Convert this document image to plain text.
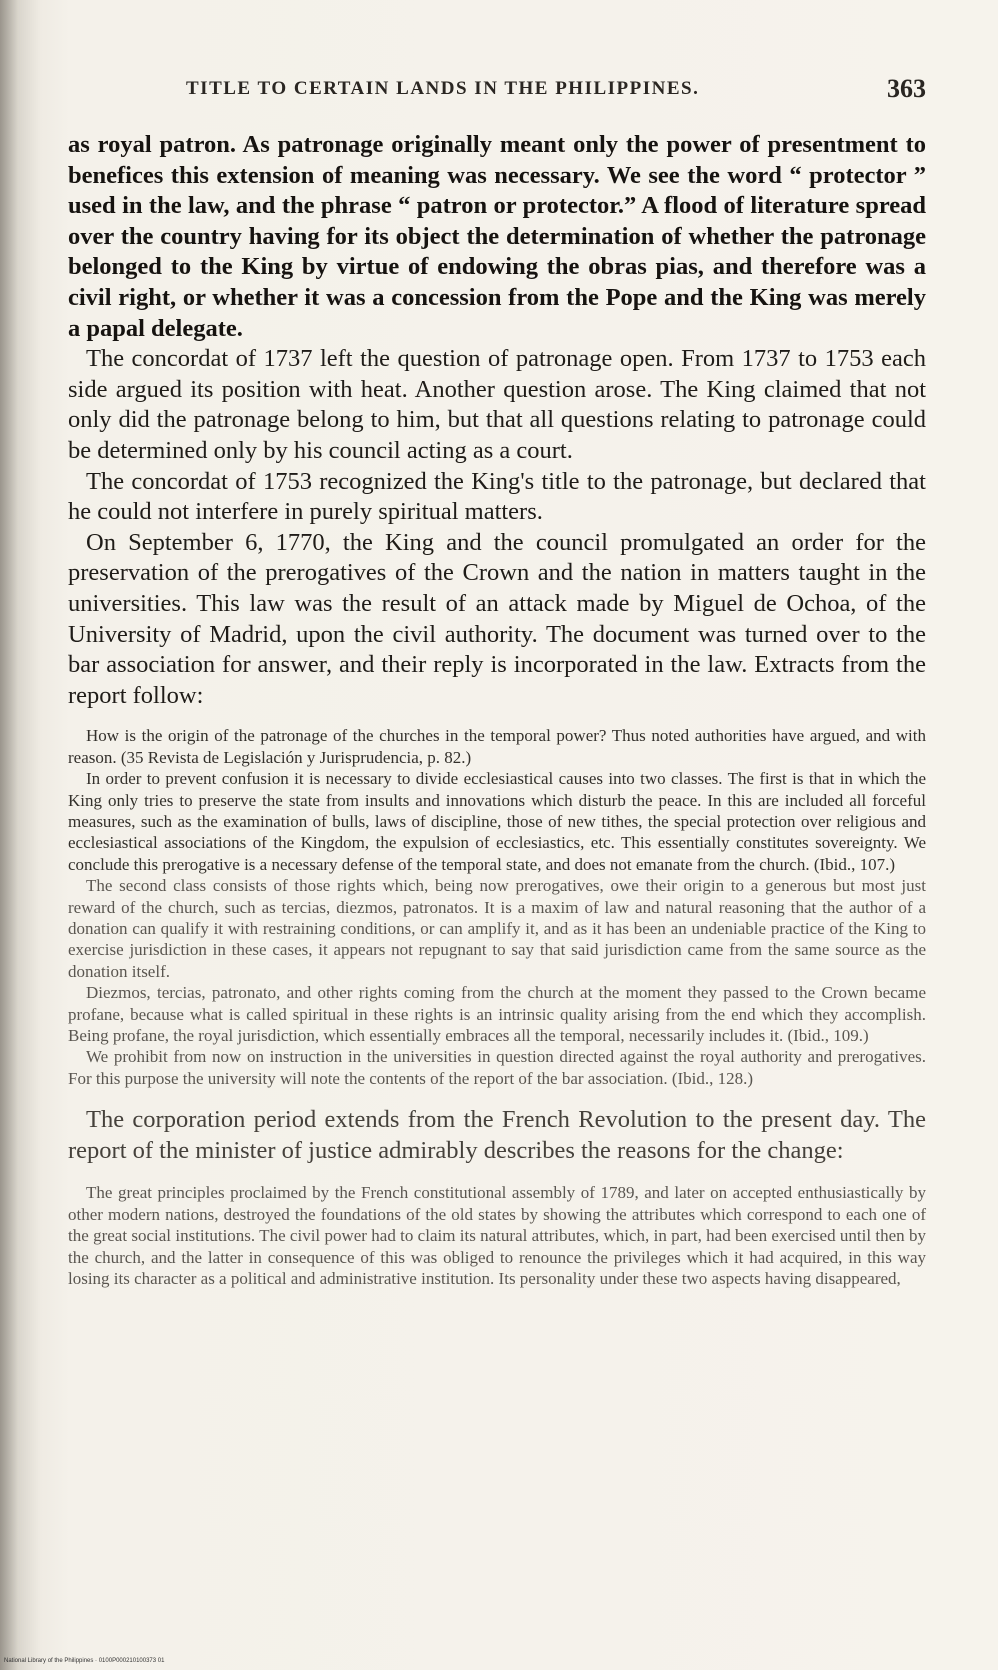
TITLE TO CERTAIN LANDS IN THE PHILIPPINES.	363

as royal patron. As patronage originally meant only the power of presentment to benefices this extension of meaning was necessary. We see the word “ protector ” used in the law, and the phrase “ patron or protector.” A flood of literature spread over the country having for its object the determination of whether the patronage belonged to the King by virtue of endowing the obras pias, and therefore was a civil right, or whether it was a concession from the Pope and the King was merely a papal delegate.

The concordat of 1737 left the question of patronage open. From 1737 to 1753 each side argued its position with heat. Another question arose. The King claimed that not only did the patronage belong to him, but that all questions relating to patronage could be determined only by his council acting as a court.

The concordat of 1753 recognized the King's title to the patronage, but declared that he could not interfere in purely spiritual matters.

On September 6, 1770, the King and the council promulgated an order for the preservation of the prerogatives of the Crown and the nation in matters taught in the universities. This law was the result of an attack made by Miguel de Ochoa, of the University of Madrid, upon the civil authority. The document was turned over to the bar association for answer, and their reply is incorporated in the law. Extracts from the report follow:

How is the origin of the patronage of the churches in the temporal power? Thus noted authorities have argued, and with reason. (35 Revista de Legislación y Jurisprudencia, p. 82.)

In order to prevent confusion it is necessary to divide ecclesiastical causes into two classes. The first is that in which the King only tries to preserve the state from insults and innovations which disturb the peace. In this are included all forceful measures, such as the examination of bulls, laws of discipline, those of new tithes, the special protection over religious and ecclesiastical associations of the Kingdom, the expulsion of ecclesiastics, etc. This essentially constitutes sovereignty. We conclude this prerogative is a necessary defense of the temporal state, and does not emanate from the church. (Ibid., 107.)

The second class consists of those rights which, being now prerogatives, owe their origin to a generous but most just reward of the church, such as tercias, diezmos, patronatos. It is a maxim of law and natural reasoning that the author of a donation can qualify it with restraining conditions, or can amplify it, and as it has been an undeniable practice of the King to exercise jurisdiction in these cases, it appears not repugnant to say that said jurisdiction came from the same source as the donation itself.

Diezmos, tercias, patronato, and other rights coming from the church at the moment they passed to the Crown became profane, because what is called spiritual in these rights is an intrinsic quality arising from the end which they accomplish. Being profane, the royal jurisdiction, which essentially embraces all the temporal, necessarily includes it. (Ibid., 109.)

We prohibit from now on instruction in the universities in question directed against the royal authority and prerogatives. For this purpose the university will note the contents of the report of the bar association. (Ibid., 128.)

The corporation period extends from the French Revolution to the present day. The report of the minister of justice admirably describes the reasons for the change:

The great principles proclaimed by the French constitutional assembly of 1789, and later on accepted enthusiastically by other modern nations, destroyed the foundations of the old states by showing the attributes which correspond to each one of the great social institutions. The civil power had to claim its natural attributes, which, in part, had been exercised until then by the church, and the latter in consequence of this was obliged to renounce the privileges which it had acquired, in this way losing its character as a political and administrative institution. Its personality under these two aspects having disappeared,

National Library of the Philippines · 0100P000210100373 01
